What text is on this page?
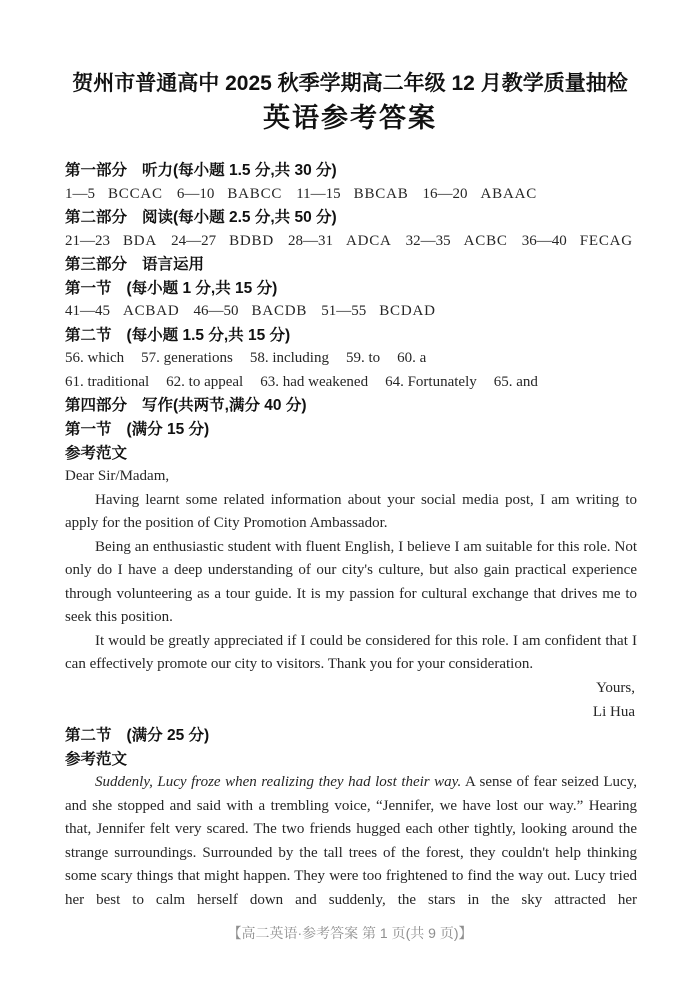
贺州市普通高中 2025 秋季学期高二年级 12 月教学质量抽检
英语参考答案
第一部分 听力(每小题 1.5 分,共 30 分)
1—5 BCCAC 6—10 BABCC 11—15 BBCAB 16—20 ABAAC
第二部分 阅读(每小题 2.5 分,共 50 分)
21—23 BDA 24—27 BDBD 28—31 ADCA 32—35 ACBC 36—40 FECAG
第三部分 语言运用
第一节 (每小题 1 分,共 15 分)
41—45 ACBAD 46—50 BACDB 51—55 BCDAD
第二节 (每小题 1.5 分,共 15 分)
56. which 57. generations 58. including 59. to 60. a
61. traditional 62. to appeal 63. had weakened 64. Fortunately 65. and
第四部分 写作(共两节,满分 40 分)
第一节 (满分 15 分)
参考范文

Dear Sir/Madam,

Having learnt some related information about your social media post, I am writing to apply for the position of City Promotion Ambassador.

Being an enthusiastic student with fluent English, I believe I am suitable for this role. Not only do I have a deep understanding of our city's culture, but also gain practical experience through volunteering as a tour guide. It is my passion for cultural exchange that drives me to seek this position.

It would be greatly appreciated if I could be considered for this role. I am confident that I can effectively promote our city to visitors. Thank you for your consideration.

Yours,
Li Hua
第二节 (满分 25 分)
参考范文

Suddenly, Lucy froze when realizing they had lost their way. A sense of fear seized Lucy, and she stopped and said with a trembling voice, “Jennifer, we have lost our way.” Hearing that, Jennifer felt very scared. The two friends hugged each other tightly, looking around the strange surroundings. Surrounded by the tall trees of the forest, they couldn't help thinking some scary things that might happen. They were too frightened to find the way out. Lucy tried her best to calm herself down and suddenly, the stars in the sky attracted her

【高二英语·参考答案 第 1 页(共 9 页)】
